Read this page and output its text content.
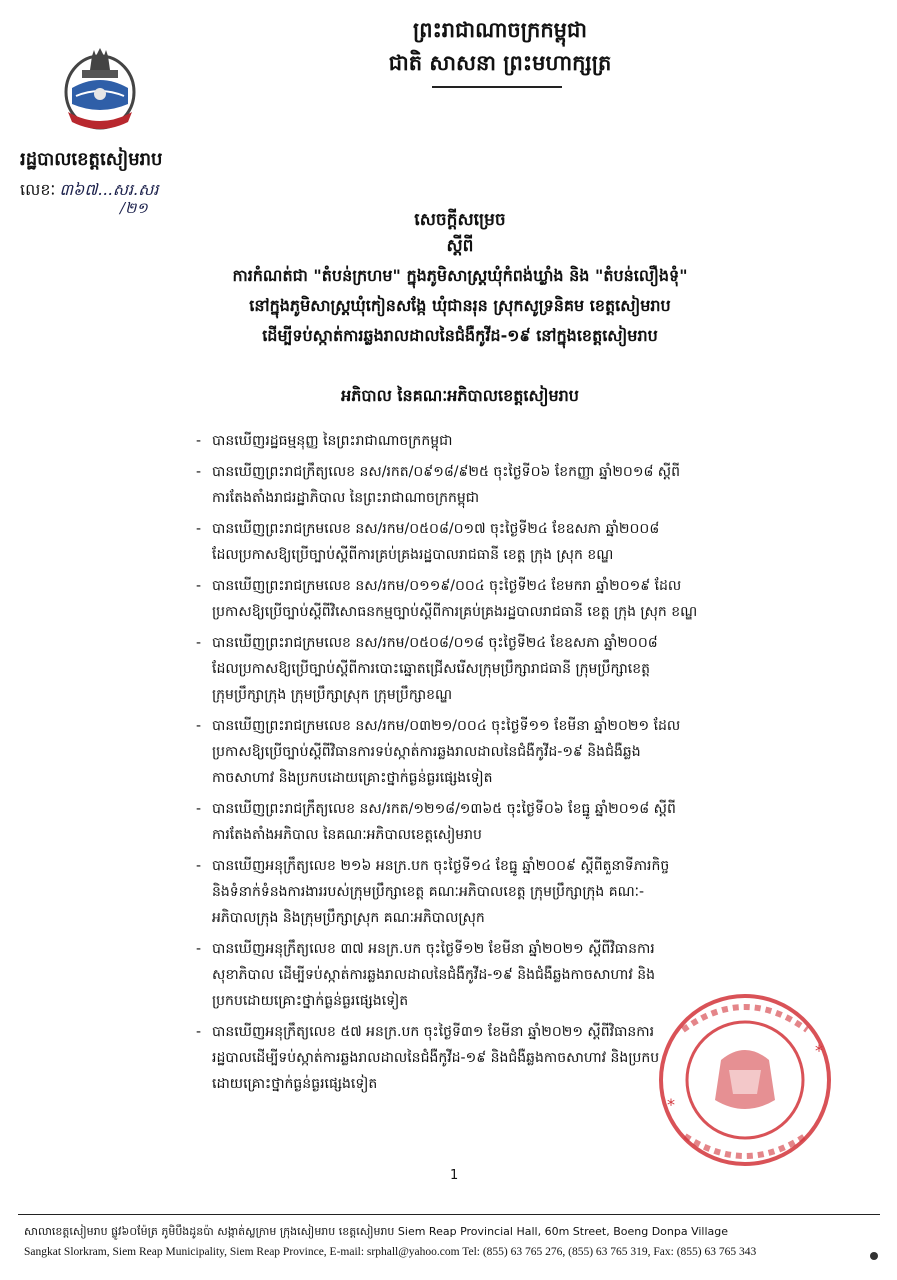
ព្រះរាជាណាចក្រកម្ពុជា
ជាតិ សាសនា ព្រះមហាក្សត្រ
រដ្ឋបាលខេត្តសៀមរាប
លេខៈ ៣៦៧...សរ.សរ
/២១
សេចក្ដីសម្រេច
ស្ដីពី
ការកំណត់ជា "តំបន់ក្រហម" ក្នុងភូមិសាស្ត្រឃុំកំពង់ឃ្លាំង និង "តំបន់លឿងទុំ"
នៅក្នុងភូមិសាស្ត្រឃុំកៀនសង្កែ ឃុំជានរុន ស្រុកសូទ្រនិគម ខេត្តសៀមរាប
ដើម្បីទប់ស្កាត់ការឆ្លងរាលដាលនៃជំងឺកូវីដ-១៩ នៅក្នុងខេត្តសៀមរាប
អភិបាល នៃគណៈអភិបាលខេត្តសៀមរាប
- បានឃើញរដ្ឋធម្មនុញ្ញ នៃព្រះរាជាណាចក្រកម្ពុជា
- បានឃើញព្រះរាជក្រឹត្យលេខ នស/រកត/០៩១៨/៩២៥ ចុះថ្ងៃទី០៦ ខែកញ្ញា ឆ្នាំ២០១៨ ស្ដីពី
ការតែងតាំងរាជរដ្ឋាភិបាល នៃព្រះរាជាណាចក្រកម្ពុជា
- បានឃើញព្រះរាជក្រមលេខ នស/រកម/០៥០៨/០១៧ ចុះថ្ងៃទី២៤ ខែឧសភា ឆ្នាំ២០០៨
ដែលប្រកាសឱ្យប្រើច្បាប់ស្ដីពីការគ្រប់គ្រងរដ្ឋបាលរាជធានី ខេត្ត ក្រុង ស្រុក ខណ្ឌ
- បានឃើញព្រះរាជក្រមលេខ នស/រកម/០១១៩/០០៤ ចុះថ្ងៃទី២៤ ខែមករា ឆ្នាំ២០១៩ ដែល
ប្រកាសឱ្យប្រើច្បាប់ស្ដីពីវិសោធនកម្មច្បាប់ស្ដីពីការគ្រប់គ្រងរដ្ឋបាលរាជធានី ខេត្ត ក្រុង ស្រុក ខណ្ឌ
- បានឃើញព្រះរាជក្រមលេខ នស/រកម/០៥០៨/០១៨ ចុះថ្ងៃទី២៤ ខែឧសភា ឆ្នាំ២០០៨
ដែលប្រកាសឱ្យប្រើច្បាប់ស្ដីពីការបោះឆ្នោតជ្រើសរើសក្រុមប្រឹក្សារាជធានី ក្រុមប្រឹក្សាខេត្ត
ក្រុមប្រឹក្សាក្រុង ក្រុមប្រឹក្សាស្រុក ក្រុមប្រឹក្សាខណ្ឌ
- បានឃើញព្រះរាជក្រមលេខ នស/រកម/០៣២១/០០៤ ចុះថ្ងៃទី១១ ខែមីនា ឆ្នាំ២០២១ ដែល
ប្រកាសឱ្យប្រើច្បាប់ស្ដីពីវិធានការទប់ស្កាត់ការឆ្លងរាលដាលនៃជំងឺកូវីដ-១៩ និងជំងឺឆ្លង
កាចសាហាវ និងប្រកបដោយគ្រោះថ្នាក់ធ្ងន់ធ្ងរផ្សេងទៀត
- បានឃើញព្រះរាជក្រឹត្យលេខ នស/រកត/១២១៨/១៣៦៥ ចុះថ្ងៃទី០៦ ខែធ្នូ ឆ្នាំ២០១៨ ស្ដីពី
ការតែងតាំងអភិបាល នៃគណៈអភិបាលខេត្តសៀមរាប
- បានឃើញអនុក្រឹត្យលេខ ២១៦ អនក្រ.បក ចុះថ្ងៃទី១៤ ខែធ្នូ ឆ្នាំ២០០៩ ស្ដីពីតួនាទីភារកិច្ច
និងទំនាក់ទំនងការងាររបស់ក្រុមប្រឹក្សាខេត្ត គណៈអភិបាលខេត្ត ក្រុមប្រឹក្សាក្រុង គណៈ-
អភិបាលក្រុង និងក្រុមប្រឹក្សាស្រុក គណៈអភិបាលស្រុក
- បានឃើញអនុក្រឹត្យលេខ ៣៧ អនក្រ.បក ចុះថ្ងៃទី១២ ខែមីនា ឆ្នាំ២០២១ ស្ដីពីវិធានការ
សុខាភិបាល ដើម្បីទប់ស្កាត់ការឆ្លងរាលដាលនៃជំងឺកូវីដ-១៩ និងជំងឺឆ្លងកាចសាហាវ និង
ប្រកបដោយគ្រោះថ្នាក់ធ្ងន់ធ្ងរផ្សេងទៀត
- បានឃើញអនុក្រឹត្យលេខ ៥៧ អនក្រ.បក ចុះថ្ងៃទី៣១ ខែមីនា ឆ្នាំ២០២១ ស្ដីពីវិធានការ
រដ្ឋបាលដើម្បីទប់ស្កាត់ការឆ្លងរាលដាលនៃជំងឺកូវីដ-១៩ និងជំងឺឆ្លងកាចសាហាវ និងប្រកប
ដោយគ្រោះថ្នាក់ធ្ងន់ធ្ងរផ្សេងទៀត
*
*
1
សាលាខេត្តសៀមរាប ផ្លូវ៦០ម៉ែត្រ ភូមិបឹងដូនប៉ា សង្កាត់ស្លក្រាម ក្រុងសៀមរាប ខេត្តសៀមរាប Siem Reap Provincial Hall, 60m Street, Boeng Donpa Village
Sangkat Slorkram, Siem Reap Municipality, Siem Reap Province, E-mail: srphall@yahoo.com Tel: (855) 63 765 276, (855) 63 765 319, Fax: (855) 63 765 343
